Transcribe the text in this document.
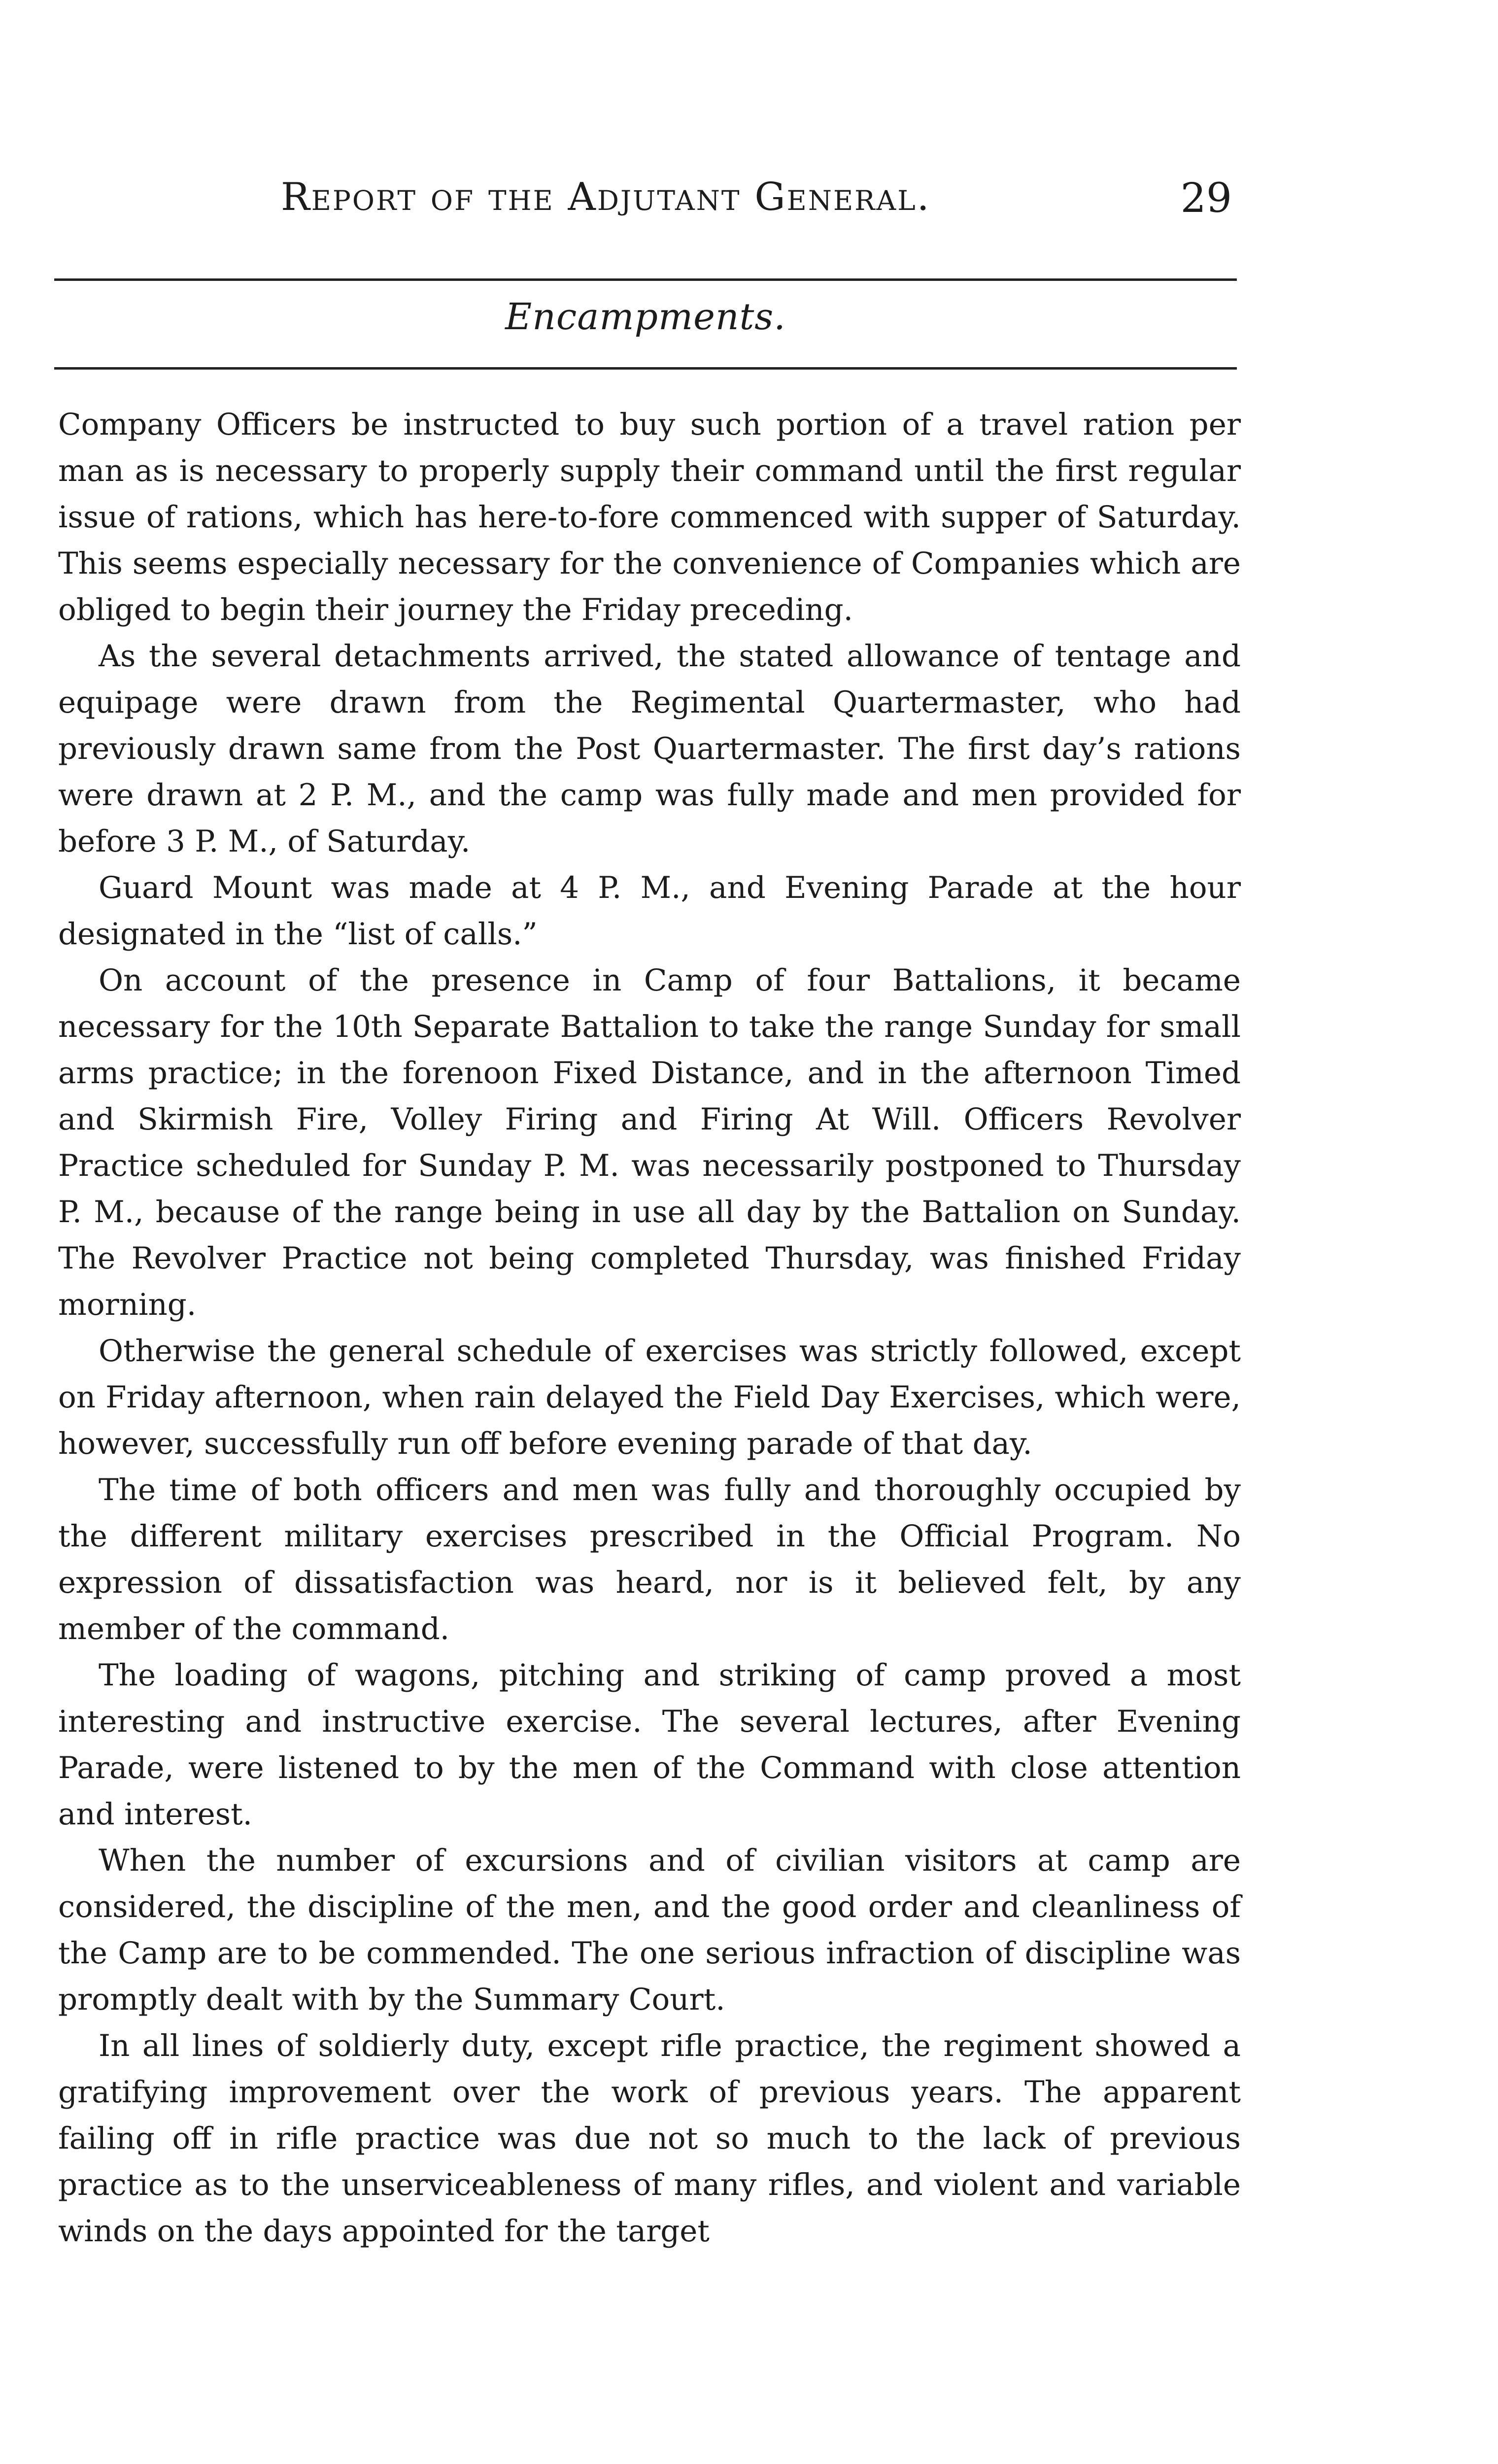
Report of the Adjutant General.	29
Encampments.

Company Officers be instructed to buy such portion of a travel ration per man as is necessary to properly supply their command until the first regular issue of rations, which has here-to-fore commenced with supper of Saturday. This seems especially necessary for the convenience of Companies which are obliged to begin their journey the Friday preceding.

As the several detachments arrived, the stated allowance of tentage and equipage were drawn from the Regimental Quartermaster, who had previously drawn same from the Post Quartermaster. The first day’s rations were drawn at 2 P. M., and the camp was fully made and men provided for before 3 P. M., of Saturday.

Guard Mount was made at 4 P. M., and Evening Parade at the hour designated in the “list of calls.”

On account of the presence in Camp of four Battalions, it became necessary for the 10th Separate Battalion to take the range Sunday for small arms practice; in the forenoon Fixed Distance, and in the afternoon Timed and Skirmish Fire, Volley Firing and Firing At Will. Officers Revolver Practice scheduled for Sunday P. M. was necessarily postponed to Thursday P. M., because of the range being in use all day by the Battalion on Sunday. The Revolver Practice not being completed Thursday, was finished Friday morning.

Otherwise the general schedule of exercises was strictly followed, except on Friday afternoon, when rain delayed the Field Day Exercises, which were, however, successfully run off before evening parade of that day.

The time of both officers and men was fully and thoroughly occupied by the different military exercises prescribed in the Official Program. No expression of dissatisfaction was heard, nor is it believed felt, by any member of the command.

The loading of wagons, pitching and striking of camp proved a most interesting and instructive exercise. The several lectures, after Evening Parade, were listened to by the men of the Command with close attention and interest.

When the number of excursions and of civilian visitors at camp are considered, the discipline of the men, and the good order and cleanliness of the Camp are to be commended. The one serious infraction of discipline was promptly dealt with by the Summary Court.

In all lines of soldierly duty, except rifle practice, the regiment showed a gratifying improvement over the work of previous years. The apparent failing off in rifle practice was due not so much to the lack of previous practice as to the unserviceableness of many rifles, and violent and variable winds on the days appointed for the target
